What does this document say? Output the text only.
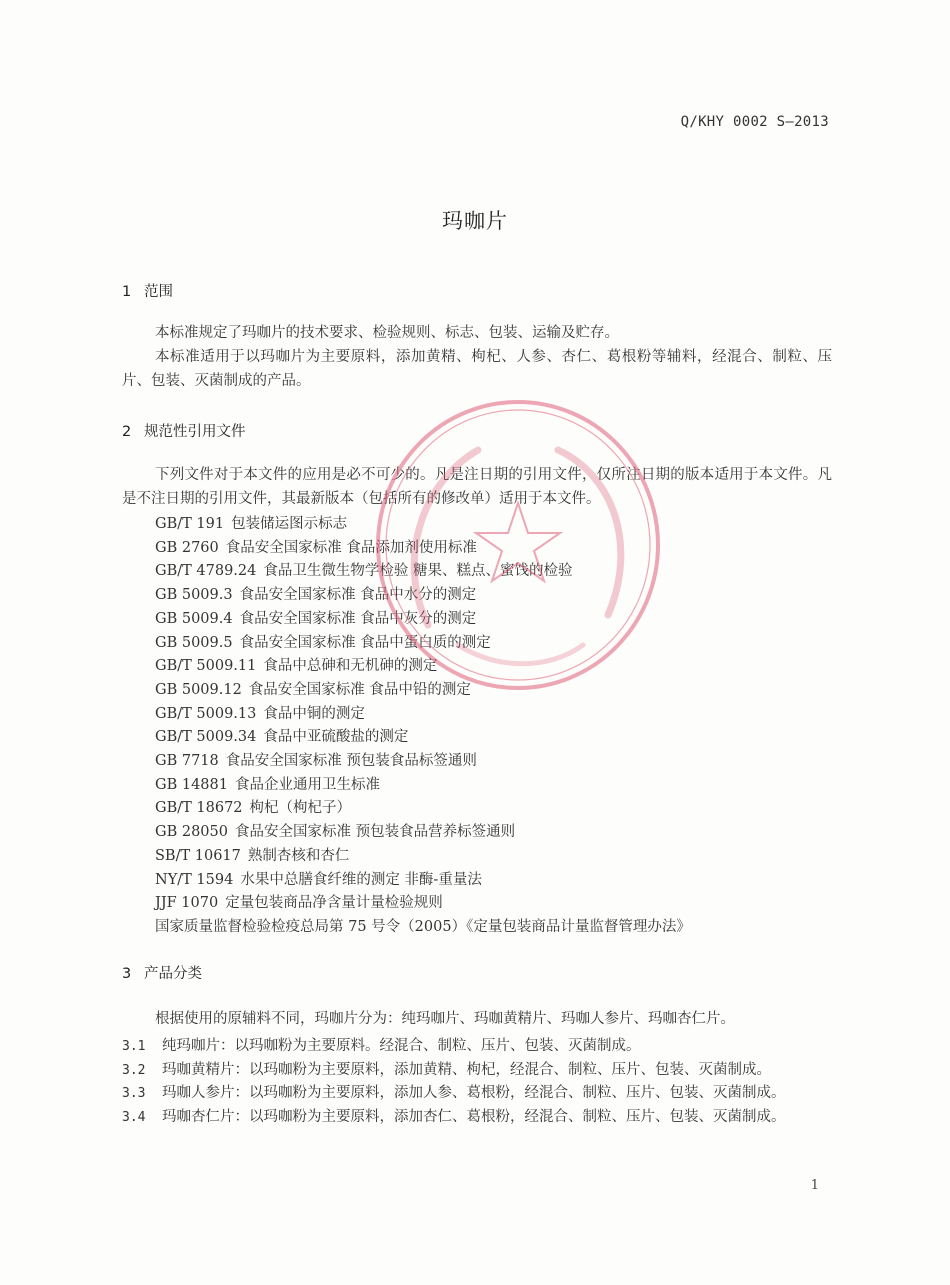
Q/KHY 0002 S—2013
玛咖片
1 范围
本标准规定了玛咖片的技术要求、检验规则、标志、包装、运输及贮存。
本标准适用于以玛咖片为主要原料，添加黄精、枸杞、人参、杏仁、葛根粉等辅料，经混合、制粒、压片、包装、灭菌制成的产品。
2 规范性引用文件
下列文件对于本文件的应用是必不可少的。凡是注日期的引用文件，仅所注日期的版本适用于本文件。凡是不注日期的引用文件，其最新版本（包括所有的修改单）适用于本文件。
GB/T 191 包装储运图示标志
GB 2760 食品安全国家标准 食品添加剂使用标准
GB/T 4789.24 食品卫生微生物学检验 糖果、糕点、蜜饯的检验
GB 5009.3 食品安全国家标准 食品中水分的测定
GB 5009.4 食品安全国家标准 食品中灰分的测定
GB 5009.5 食品安全国家标准 食品中蛋白质的测定
GB/T 5009.11 食品中总砷和无机砷的测定
GB 5009.12 食品安全国家标准 食品中铅的测定
GB/T 5009.13 食品中铜的测定
GB/T 5009.34 食品中亚硫酸盐的测定
GB 7718 食品安全国家标准 预包装食品标签通则
GB 14881 食品企业通用卫生标准
GB/T 18672 枸杞（枸杞子）
GB 28050 食品安全国家标准 预包装食品营养标签通则
SB/T 10617 熟制杏核和杏仁
NY/T 1594 水果中总膳食纤维的测定 非酶-重量法
JJF 1070 定量包装商品净含量计量检验规则
国家质量监督检验检疫总局第 75 号令（2005）《定量包装商品计量监督管理办法》
3 产品分类
根据使用的原辅料不同，玛咖片分为：纯玛咖片、玛咖黄精片、玛咖人参片、玛咖杏仁片。
3.1 纯玛咖片：以玛咖粉为主要原料。经混合、制粒、压片、包装、灭菌制成。
3.2 玛咖黄精片：以玛咖粉为主要原料，添加黄精、枸杞，经混合、制粒、压片、包装、灭菌制成。
3.3 玛咖人参片：以玛咖粉为主要原料，添加人参、葛根粉，经混合、制粒、压片、包装、灭菌制成。
3.4 玛咖杏仁片：以玛咖粉为主要原料，添加杏仁、葛根粉，经混合、制粒、压片、包装、灭菌制成。
1
